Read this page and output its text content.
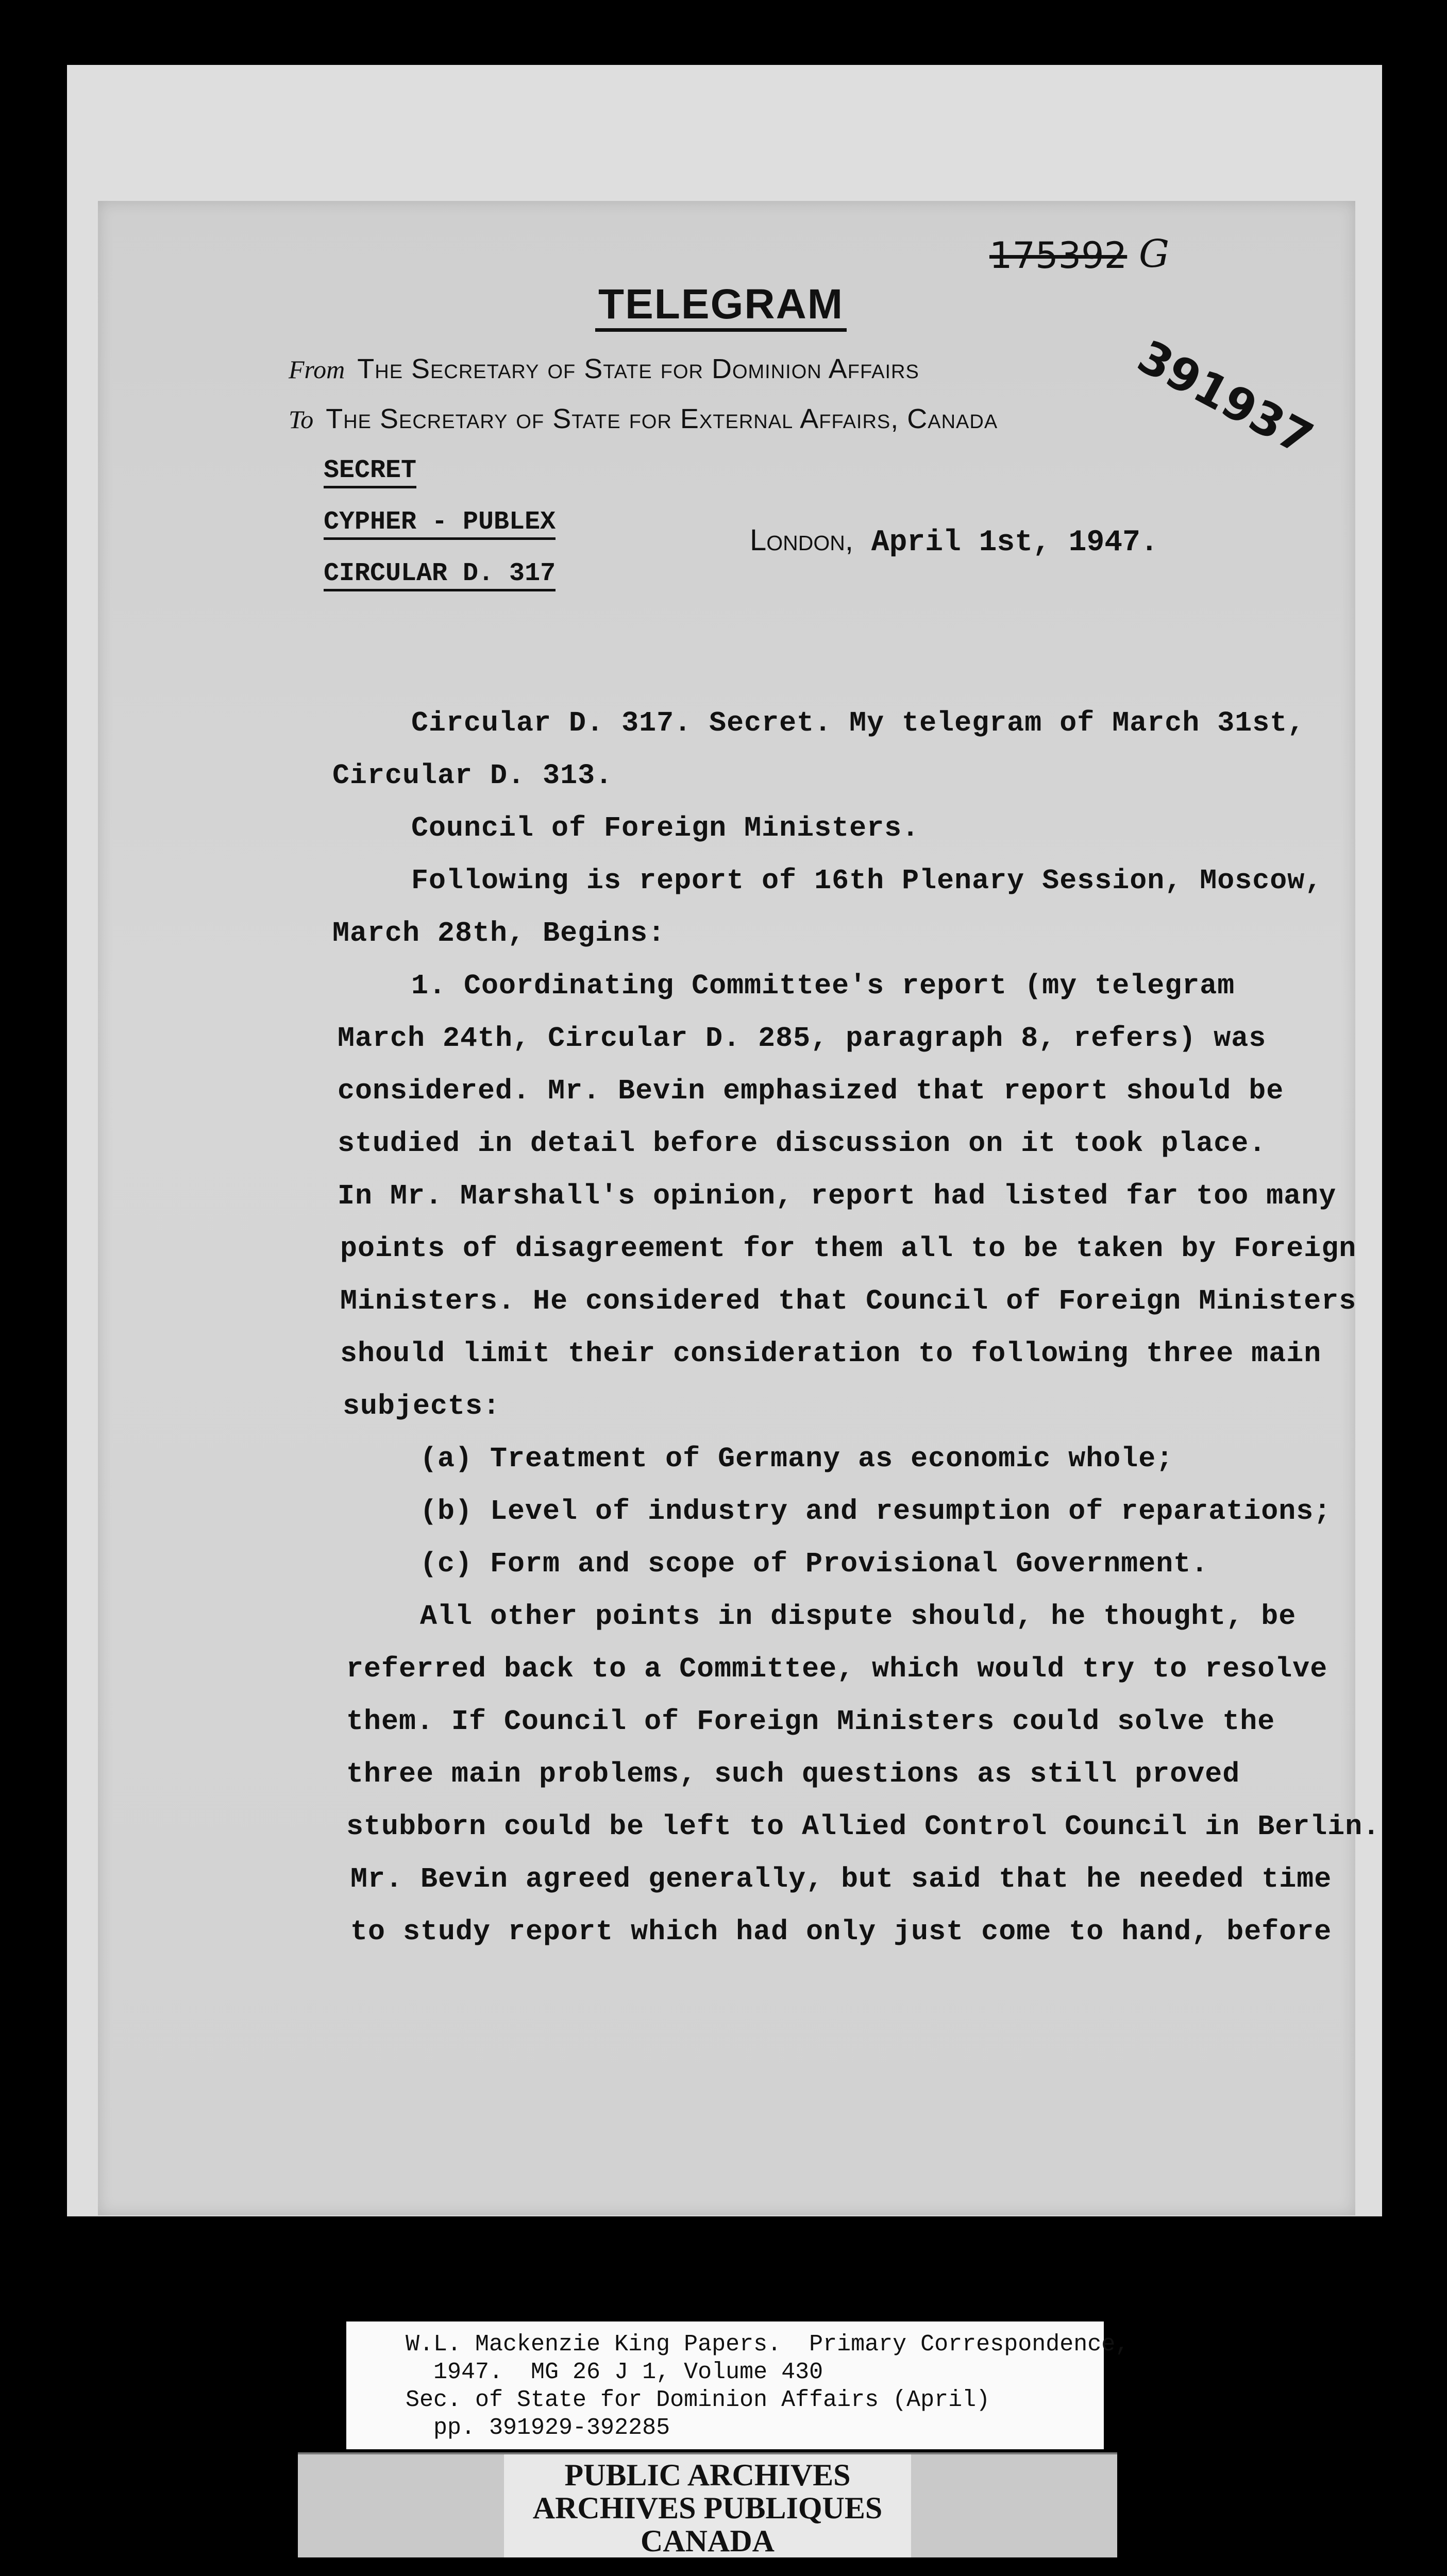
TELEGRAM
175392 G
391937
From The Secretary of State for Dominion Affairs
To The Secretary of State for External Affairs, Canada
SECRET
CYPHER - PUBLEX
CIRCULAR D. 317
London, April 1st, 1947.
Circular D. 317. Secret. My telegram of March 31st,
Circular D. 313.
Council of Foreign Ministers.
Following is report of 16th Plenary Session, Moscow,
March 28th, Begins:
1. Coordinating Committee's report (my telegram
March 24th, Circular D. 285, paragraph 8, refers) was
considered. Mr. Bevin emphasized that report should be
studied in detail before discussion on it took place.
In Mr. Marshall's opinion, report had listed far too many
points of disagreement for them all to be taken by Foreign
Ministers. He considered that Council of Foreign Ministers
should limit their consideration to following three main
subjects:
(a) Treatment of Germany as economic whole;
(b) Level of industry and resumption of reparations;
(c) Form and scope of Provisional Government.
All other points in dispute should, he thought, be
referred back to a Committee, which would try to resolve
them. If Council of Foreign Ministers could solve the
three main problems, such questions as still proved
stubborn could be left to Allied Control Council in Berlin.
Mr. Bevin agreed generally, but said that he needed time
to study report which had only just come to hand, before
W.L. Mackenzie King Papers.  Primary Correspondence,
1947.  MG 26 J 1, Volume 430
Sec. of State for Dominion Affairs (April)
pp. 391929-392285
PUBLIC ARCHIVES
ARCHIVES PUBLIQUES
CANADA
